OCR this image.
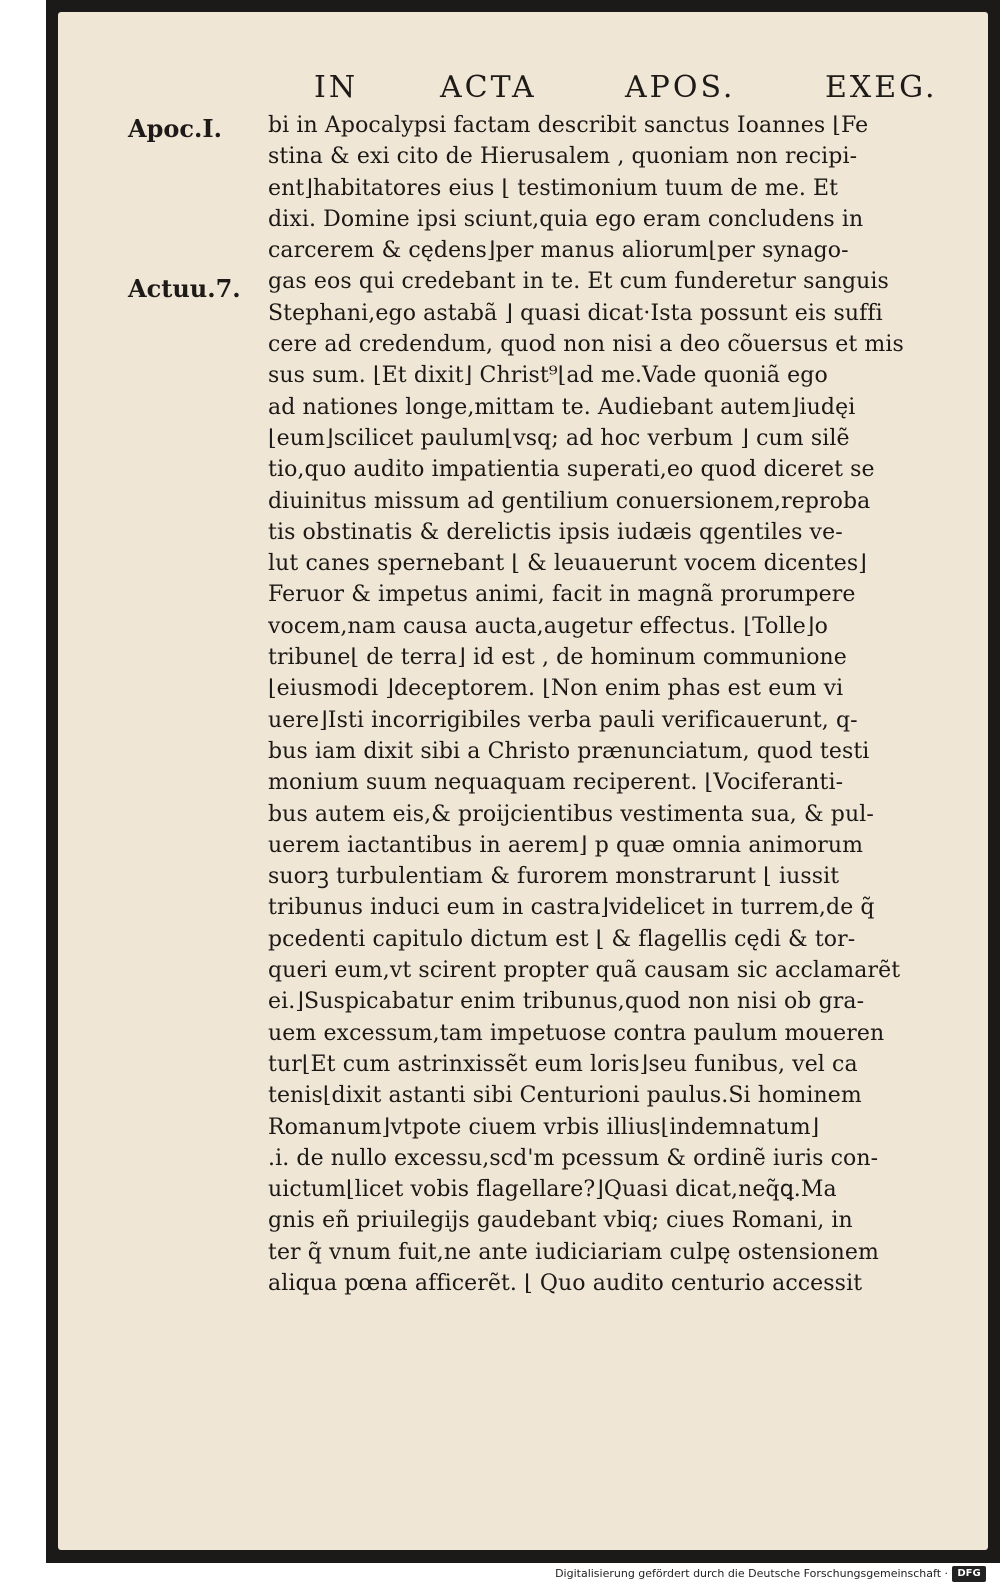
IN	ACTA	APOS.	EXEG.
Apoc.I.
Actuu.7.
bi in Apocalypsi factam describit sanctus Ioannes ⌊Fe
stina & exi cito de Hierusalem , quoniam non recipi-
ent⌋habitatores eius ⌊ testimonium tuum de me. Et
dixi. Domine ipsi sciunt,quia ego eram concludens in
carcerem & cędens⌋per manus aliorum⌊per synago-
gas eos qui credebant in te. Et cum funderetur sanguis
Stephani,ego astabã ⌋ quasi dicat·Ista possunt eis suffi
cere ad credendum, quod non nisi a deo cõuersus et mis
sus sum. ⌊Et dixit⌋ Christ⁹⌊ad me.Vade quoniã ego
ad nationes longe,mittam te. Audiebant autem⌋iudęi
⌊eum⌋scilicet paulum⌊vsq; ad hoc verbum ⌋ cum silẽ
tio,quo audito impatientia superati,eo quod diceret se
diuinitus missum ad gentilium conuersionem,reproba
tis obstinatis & derelictis ipsis iudæis qgentiles ve-
lut canes spernebant ⌊ & leuauerunt vocem dicentes⌋
Feruor & impetus animi, facit in magnã prorumpere
vocem,nam causa aucta,augetur effectus. ⌊Tolle⌋o
tribune⌊ de terra⌋ id est , de hominum communione
⌊eiusmodi ⌋deceptorem. ⌊Non enim phas est eum vi
uere⌋Isti incorrigibiles verba pauli verificauerunt, q-
bus iam dixit sibi a Christo prænunciatum, quod testi
monium suum nequaquam reciperent. ⌊Vociferanti-
bus autem eis,& proijcientibus vestimenta sua, & pul-
uerem iactantibus in aerem⌋ p quæ omnia animorum
suorꝫ turbulentiam & furorem monstrarunt ⌊ iussit
tribunus induci eum in castra⌋videlicet in turrem,de q̃
pcedenti capitulo dictum est ⌊ & flagellis cędi & tor-
queri eum,vt scirent propter quã causam sic acclamarẽt
ei.⌋Suspicabatur enim tribunus,quod non nisi ob gra-
uem excessum,tam impetuose contra paulum moueren
tur⌊Et cum astrinxissẽt eum loris⌋seu funibus, vel ca
tenis⌊dixit astanti sibi Centurioni paulus.Si hominem
Romanum⌋vtpote ciuem vrbis illius⌊indemnatum⌋
.i. de nullo excessu,scd'm pcessum & ordinẽ iuris con-
uictum⌊licet vobis flagellare?⌋Quasi dicat,neq̃ꝗ.Ma
gnis eñ priuilegijs gaudebant vbiq; ciues Romani, in
ter q̃ vnum fuit,ne ante iudiciariam culpę ostensionem
aliqua pœna afficerẽt. ⌊ Quo audito centurio accessit
Digitalisierung gefördert durch die Deutsche Forschungsgemeinschaft · DFG
